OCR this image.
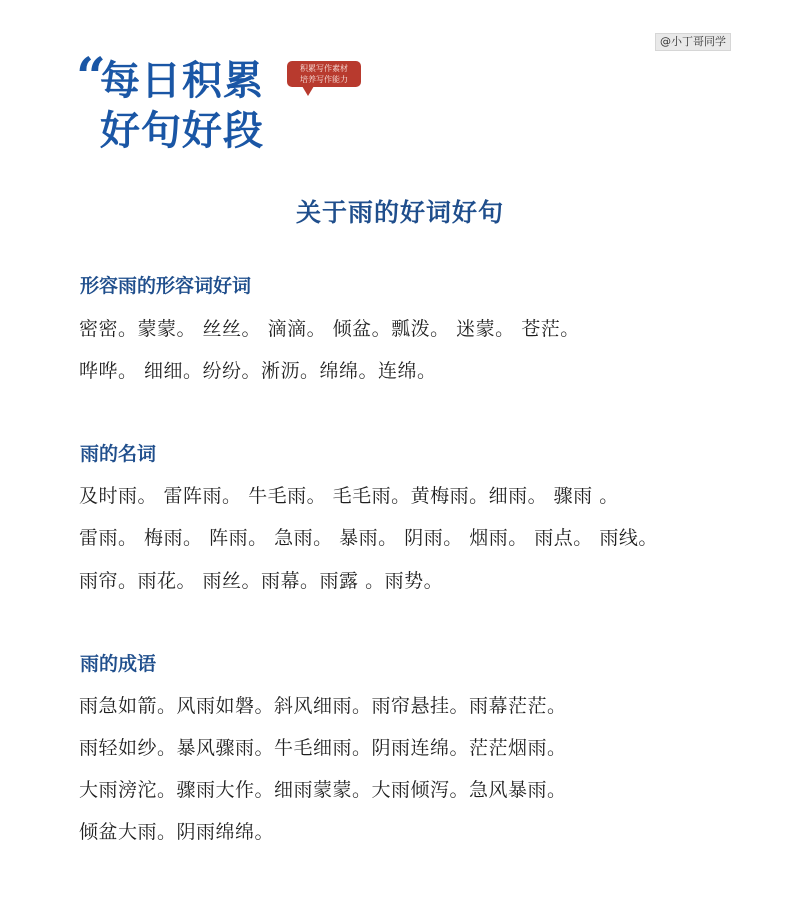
@小丁哥同学
“
每日积累
好句好段
积累写作素材
培养写作能力
关于雨的好词好句
形容雨的形容词好词
密密。蒙蒙。 丝丝。 滴滴。 倾盆。瓢泼。 迷蒙。 苍茫。
哗哗。 细细。纷纷。淅沥。绵绵。连绵。
雨的名词
及时雨。 雷阵雨。 牛毛雨。 毛毛雨。黄梅雨。细雨。 骤雨 。
雷雨。 梅雨。 阵雨。 急雨。 暴雨。 阴雨。 烟雨。 雨点。 雨线。
雨帘。雨花。 雨丝。雨幕。雨露 。雨势。
雨的成语
雨急如箭。风雨如磐。斜风细雨。雨帘悬挂。雨幕茫茫。
雨轻如纱。暴风骤雨。牛毛细雨。阴雨连绵。茫茫烟雨。
大雨滂沱。骤雨大作。细雨蒙蒙。大雨倾泻。急风暴雨。
倾盆大雨。阴雨绵绵。
